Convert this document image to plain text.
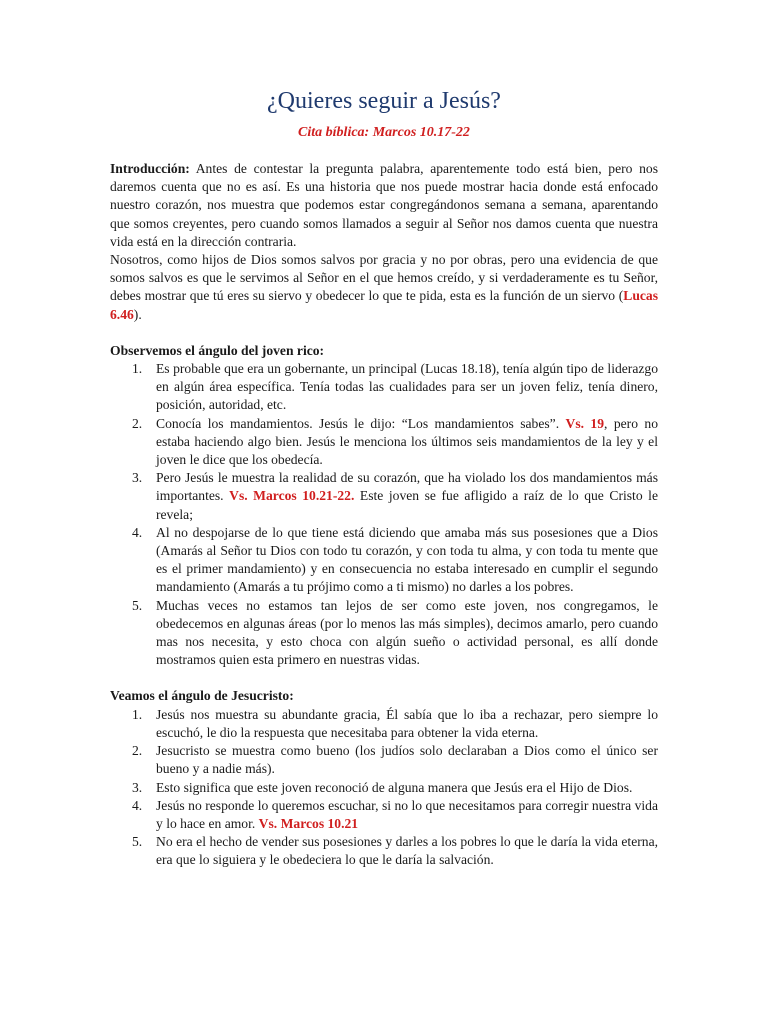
¿Quieres seguir a Jesús?
Cita bíblica: Marcos 10.17-22

Introducción: Antes de contestar la pregunta palabra, aparentemente todo está bien, pero nos daremos cuenta que no es así. Es una historia que nos puede mostrar hacia donde está enfocado nuestro corazón, nos muestra que podemos estar congregándonos semana a semana, aparentando que somos creyentes, pero cuando somos llamados a seguir al Señor nos damos cuenta que nuestra vida está en la dirección contraria.

Nosotros, como hijos de Dios somos salvos por gracia y no por obras, pero una evidencia de que somos salvos es que le servimos al Señor en el que hemos creído, y si verdaderamente es tu Señor, debes mostrar que tú eres su siervo y obedecer lo que te pida, esta es la función de un siervo (Lucas 6.46).

Observemos el ángulo del joven rico:

1. Es probable que era un gobernante, un principal (Lucas 18.18), tenía algún tipo de liderazgo en algún área específica. Tenía todas las cualidades para ser un joven feliz, tenía dinero, posición, autoridad, etc.
2. Conocía los mandamientos. Jesús le dijo: “Los mandamientos sabes”. Vs. 19, pero no estaba haciendo algo bien. Jesús le menciona los últimos seis mandamientos de la ley y el joven le dice que los obedecía.
3. Pero Jesús le muestra la realidad de su corazón, que ha violado los dos mandamientos más importantes. Vs. Marcos 10.21-22. Este joven se fue afligido a raíz de lo que Cristo le revela;
4. Al no despojarse de lo que tiene está diciendo que amaba más sus posesiones que a Dios (Amarás al Señor tu Dios con todo tu corazón, y con toda tu alma, y con toda tu mente que es el primer mandamiento) y en consecuencia no estaba interesado en cumplir el segundo mandamiento (Amarás a tu prójimo como a ti mismo) no darles a los pobres.
5. Muchas veces no estamos tan lejos de ser como este joven, nos congregamos, le obedecemos en algunas áreas (por lo menos las más simples), decimos amarlo, pero cuando mas nos necesita, y esto choca con algún sueño o actividad personal, es allí donde mostramos quien esta primero en nuestras vidas.

Veamos el ángulo de Jesucristo:

1. Jesús nos muestra su abundante gracia, Él sabía que lo iba a rechazar, pero siempre lo escuchó, le dio la respuesta que necesitaba para obtener la vida eterna.
2. Jesucristo se muestra como bueno (los judíos solo declaraban a Dios como el único ser bueno y a nadie más).
3. Esto significa que este joven reconoció de alguna manera que Jesús era el Hijo de Dios.
4. Jesús no responde lo queremos escuchar, si no lo que necesitamos para corregir nuestra vida y lo hace en amor. Vs. Marcos 10.21
5. No era el hecho de vender sus posesiones y darles a los pobres lo que le daría la vida eterna, era que lo siguiera y le obedeciera lo que le daría la salvación.
